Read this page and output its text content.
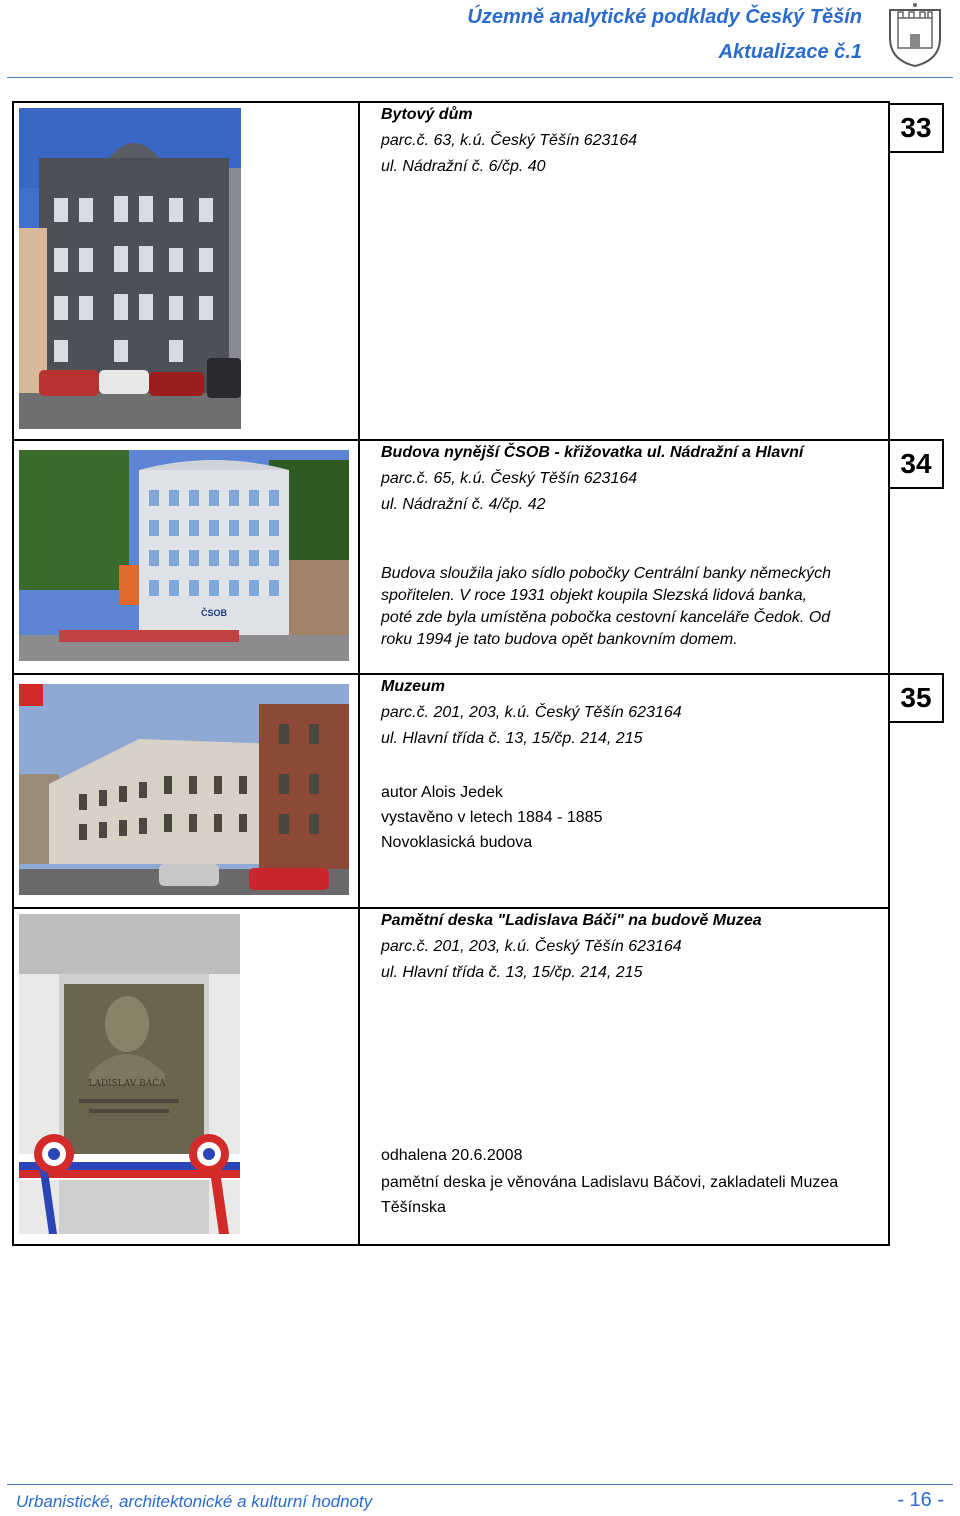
Územně analytické podklady Český Těšín

Aktualizace č.1

Bytový dům
parc.č. 63, k.ú. Český Těšín 623164
ul. Nádražní č. 6/čp. 40
33
ČSOB
Budova nynější ČSOB - křižovatka ul. Nádražní a Hlavní
parc.č. 65, k.ú. Český Těšín 623164
ul. Nádražní č. 4/čp. 42
Budova sloužila jako sídlo pobočky Centrální banky německých
spořitelen. V roce 1931 objekt koupila Slezská lidová banka,
poté zde byla umístěna pobočka cestovní kanceláře Čedok. Od
roku 1994 je tato budova opět bankovním domem.
34
Muzeum
parc.č. 201, 203, k.ú. Český Těšín 623164
ul. Hlavní třída č. 13, 15/čp. 214, 215
autor Alois Jedek
vystavěno v letech 1884 - 1885
Novoklasická budova
35
LADISLAV BÁČA
Pamětní deska "Ladislava Báči" na budově Muzea
parc.č. 201, 203, k.ú. Český Těšín 623164
ul. Hlavní třída č. 13, 15/čp. 214, 215
odhalena 20.6.2008
pamětní deska je věnována Ladislavu Báčovi, zakladateli Muzea
Těšínska
Urbanistické, architektonické a kulturní hodnoty	- 16 -
